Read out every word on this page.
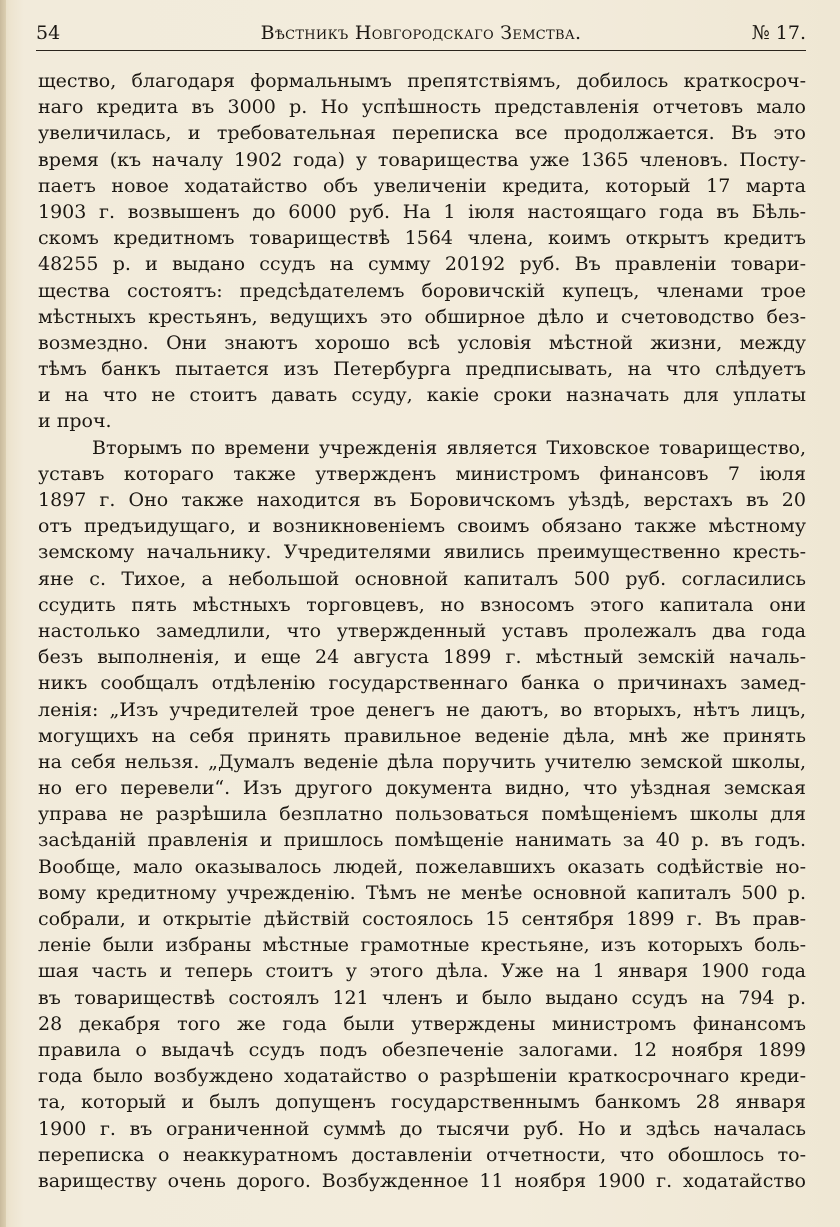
54	Вѣстникъ Новгородскаго Земства.	№ 17.
щество, благодаря формальнымъ препятствіямъ, добилось краткосроч-
наго кредита въ 3000 р. Но успѣшность представленія отчетовъ мало
увеличилась, и требовательная переписка все продолжается. Въ это
время (къ началу 1902 года) у товарищества уже 1365 членовъ. Посту-
паетъ новое ходатайство объ увеличеніи кредита, который 17 марта
1903 г. возвышенъ до 6000 руб. На 1 іюля настоящаго года въ Бѣль-
скомъ кредитномъ товариществѣ 1564 члена, коимъ открытъ кредитъ
48255 р. и выдано ссудъ на сумму 20192 руб. Въ правленіи товари-
щества состоятъ: предсѣдателемъ боровичскій купецъ, членами трое
мѣстныхъ крестьянъ, ведущихъ это обширное дѣло и счетоводство без-
возмездно. Они знаютъ хорошо всѣ условія мѣстной жизни, между
тѣмъ банкъ пытается изъ Петербурга предписывать, на что слѣдуетъ
и на что не стоитъ давать ссуду, какіе сроки назначать для уплаты
и проч.
Вторымъ по времени учрежденія является Тиховское товарищество,
уставъ котораго также утвержденъ министромъ финансовъ 7 іюля
1897 г. Оно также находится въ Боровичскомъ уѣздѣ, верстахъ въ 20
отъ предъидущаго, и возникновеніемъ своимъ обязано также мѣстному
земскому начальнику. Учредителями явились преимущественно кресть-
яне с. Тихое, а небольшой основной капиталъ 500 руб. согласились
ссудить пять мѣстныхъ торговцевъ, но взносомъ этого капитала они
настолько замедлили, что утвержденный уставъ пролежалъ два года
безъ выполненія, и еще 24 августа 1899 г. мѣстный земскій началь-
никъ сообщалъ отдѣленію государственнаго банка о причинахъ замед-
ленія: „Изъ учредителей трое денегъ не даютъ, во вторыхъ, нѣтъ лицъ,
могущихъ на себя принять правильное веденіе дѣла, мнѣ же принять
на себя нельзя. „Думалъ веденіе дѣла поручить учителю земской школы,
но его перевели“. Изъ другого документа видно, что уѣздная земская
управа не разрѣшила безплатно пользоваться помѣщеніемъ школы для
засѣданій правленія и пришлось помѣщеніе нанимать за 40 р. въ годъ.
Вообще, мало оказывалось людей, пожелавшихъ оказать содѣйствіе но-
вому кредитному учрежденію. Тѣмъ не менѣе основной капиталъ 500 р.
собрали, и открытіе дѣйствій состоялось 15 сентября 1899 г. Въ прав-
леніе были избраны мѣстные грамотные крестьяне, изъ которыхъ боль-
шая часть и теперь стоитъ у этого дѣла. Уже на 1 января 1900 года
въ товариществѣ состоялъ 121 членъ и было выдано ссудъ на 794 р.
28 декабря того же года были утверждены министромъ финансомъ
правила о выдачѣ ссудъ подъ обезпеченіе залогами. 12 ноября 1899
года было возбуждено ходатайство о разрѣшеніи краткосрочнаго креди-
та, который и былъ допущенъ государственнымъ банкомъ 28 января
1900 г. въ ограниченной суммѣ до тысячи руб. Но и здѣсь началась
переписка о неаккуратномъ доставленіи отчетности, что обошлось то-
вариществу очень дорого. Возбужденное 11 ноября 1900 г. ходатайство
